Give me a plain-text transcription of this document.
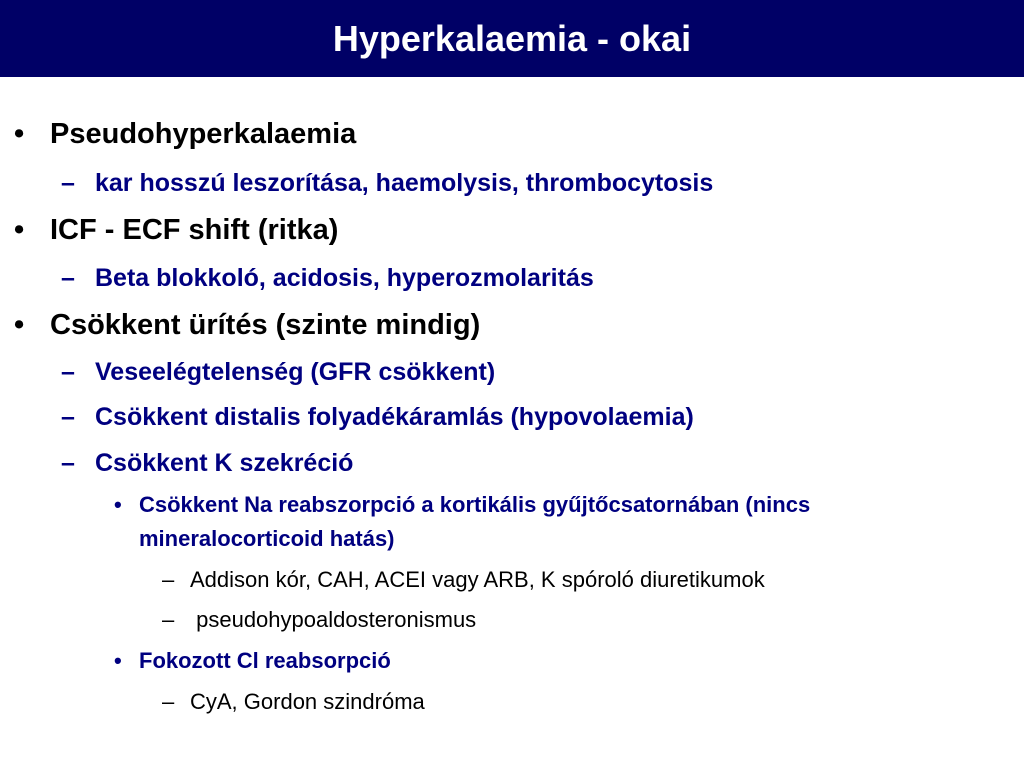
Hyperkalaemia - okai
• Pseudohyperkalaemia
– kar hosszú leszorítása, haemolysis, thrombocytosis
• ICF - ECF shift (ritka)
– Beta blokkoló, acidosis, hyperozmolaritás
• Csökkent ürítés (szinte mindig)
– Veseelégtelenség (GFR csökkent)
– Csökkent distalis folyadékáramlás (hypovolaemia)
– Csökkent K szekréció
• Csökkent Na reabszorpció a kortikális gyűjtőcsatornában (nincs
mineralocorticoid hatás)
– Addison kór, CAH, ACEI vagy ARB, K spóroló diuretikumok
– pseudohypoaldosteronismus
• Fokozott Cl reabsorpció
– CyA, Gordon szindróma
